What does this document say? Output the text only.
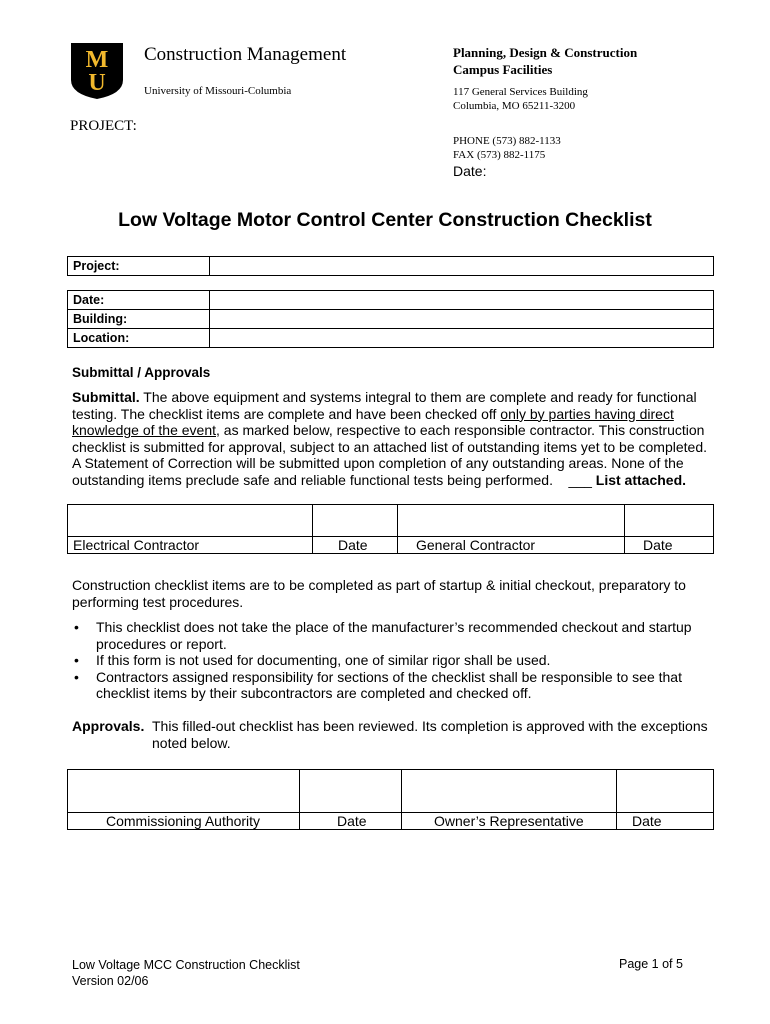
M
U
Construction Management
University of Missouri-Columbia
Planning, Design & Construction
Campus Facilities
117 General Services Building
Columbia, MO 65211-3200
PROJECT:
PHONE (573) 882-1133
FAX (573) 882-1175
Date:
Low Voltage Motor Control Center Construction Checklist
Project:	
Date:	
Building:	
Location:	
Submittal / Approvals
Submittal. The above equipment and systems integral to them are complete and ready for functional testing. The checklist items are complete and have been checked off only by parties having direct knowledge of the event, as marked below, respective to each responsible contractor. This construction checklist is submitted for approval, subject to an attached list of outstanding items yet to be completed. A Statement of Correction will be submitted upon completion of any outstanding areas. None of the outstanding items preclude safe and reliable functional tests being performed. ___ List attached.

Electrical Contractor	Date	General Contractor	Date
Construction checklist items are to be completed as part of startup & initial checkout, preparatory to performing test procedures.
• This checklist does not take the place of the manufacturer’s recommended checkout and startup procedures or report.
• If this form is not used for documenting, one of similar rigor shall be used.
• Contractors assigned responsibility for sections of the checklist shall be responsible to see that checklist items by their subcontractors are completed and checked off.
Approvals. This filled-out checklist has been reviewed. Its completion is approved with the exceptions noted below.

Commissioning Authority	Date	Owner’s Representative	Date
Low Voltage MCC Construction Checklist
Version 02/06
Page 1 of 5
